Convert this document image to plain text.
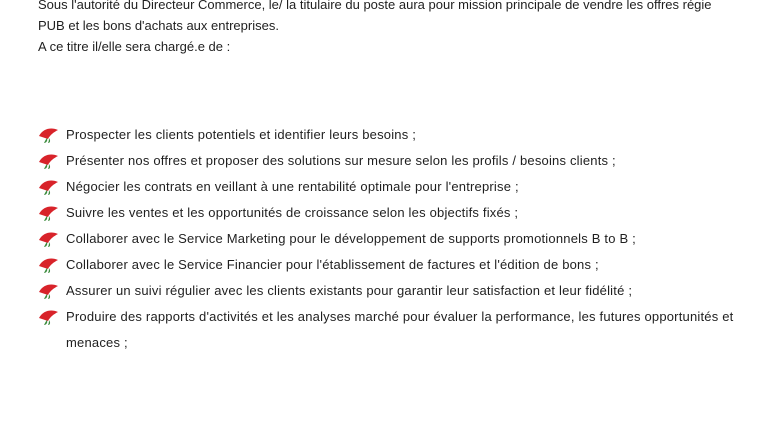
Sous l'autorité du Directeur Commerce, le/ la titulaire du poste aura pour mission principale de vendre les offres régie

PUB et les bons d'achats aux entreprises.

A ce titre il/elle sera chargé.e de :

Prospecter les clients potentiels et identifier leurs besoins ;
Présenter nos offres et proposer des solutions sur mesure selon les profils / besoins clients ;
Négocier les contrats en veillant à une rentabilité optimale pour l'entreprise ;
Suivre les ventes et les opportunités de croissance selon les objectifs fixés ;
Collaborer avec le Service Marketing pour le développement de supports promotionnels B to B ;
Collaborer avec le Service Financier pour l'établissement de factures et l'édition de bons ;
Assurer un suivi régulier avec les clients existants pour garantir leur satisfaction et leur fidélité ;
Produire des rapports d'activités et les analyses marché pour évaluer la performance, les futures opportunités et menaces ;
